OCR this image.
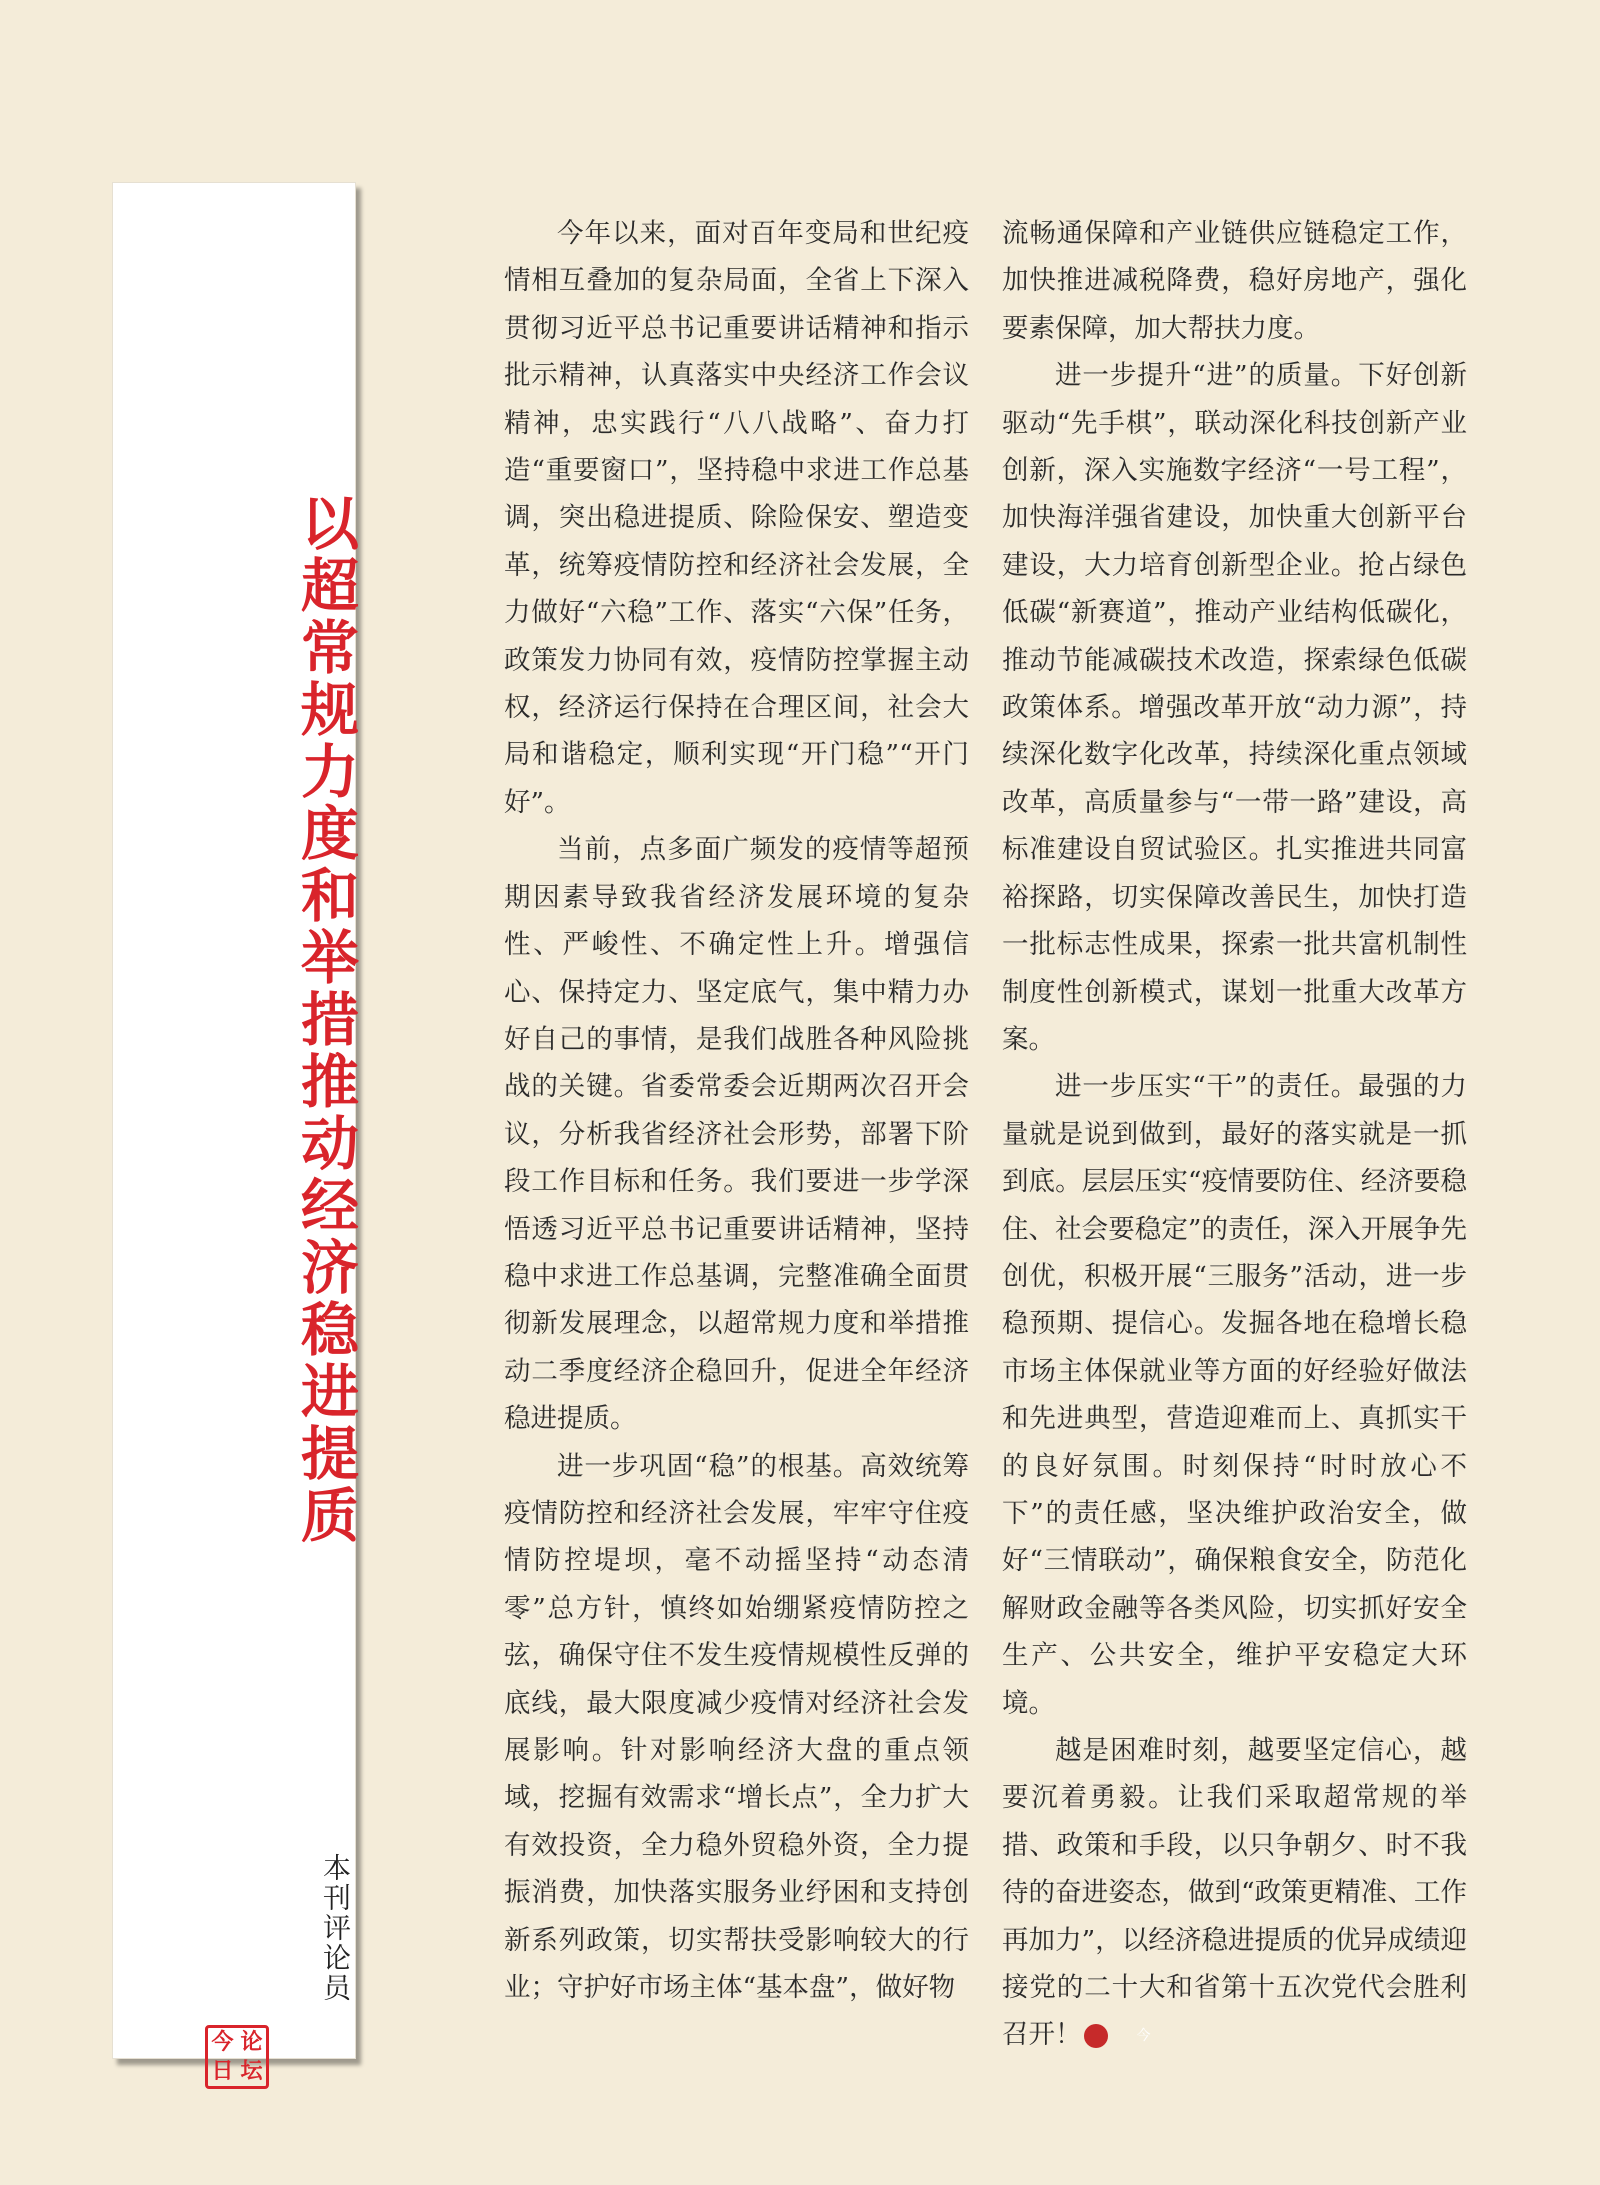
以超常规力度和举措推动经济稳进提质
本刊评论员
今 论
日 坛

今年以来，面对百年变局和世纪疫情相互叠加的复杂局面，全省上下深入贯彻习近平总书记重要讲话精神和指示批示精神，认真落实中央经济工作会议精神，忠实践行“八八战略”、奋力打造“重要窗口”，坚持稳中求进工作总基调，突出稳进提质、除险保安、塑造变革，统筹疫情防控和经济社会发展，全力做好“六稳”工作、落实“六保”任务，政策发力协同有效，疫情防控掌握主动权，经济运行保持在合理区间，社会大局和谐稳定，顺利实现“开门稳”“开门好”。

当前，点多面广频发的疫情等超预期因素导致我省经济发展环境的复杂性、严峻性、不确定性上升。增强信心、保持定力、坚定底气，集中精力办好自己的事情，是我们战胜各种风险挑战的关键。省委常委会近期两次召开会议，分析我省经济社会形势，部署下阶段工作目标和任务。我们要进一步学深悟透习近平总书记重要讲话精神，坚持稳中求进工作总基调，完整准确全面贯彻新发展理念，以超常规力度和举措推动二季度经济企稳回升，促进全年经济稳进提质。

进一步巩固“稳”的根基。高效统筹疫情防控和经济社会发展，牢牢守住疫情防控堤坝，毫不动摇坚持“动态清零”总方针，慎终如始绷紧疫情防控之弦，确保守住不发生疫情规模性反弹的底线，最大限度减少疫情对经济社会发展影响。针对影响经济大盘的重点领域，挖掘有效需求“增长点”，全力扩大有效投资，全力稳外贸稳外资，全力提振消费，加快落实服务业纾困和支持创新系列政策，切实帮扶受影响较大的行业；守护好市场主体“基本盘”，做好物

流畅通保障和产业链供应链稳定工作，加快推进减税降费，稳好房地产，强化要素保障，加大帮扶力度。

进一步提升“进”的质量。下好创新驱动“先手棋”，联动深化科技创新产业创新，深入实施数字经济“一号工程”，加快海洋强省建设，加快重大创新平台建设，大力培育创新型企业。抢占绿色低碳“新赛道”，推动产业结构低碳化，推动节能减碳技术改造，探索绿色低碳政策体系。增强改革开放“动力源”，持续深化数字化改革，持续深化重点领域改革，高质量参与“一带一路”建设，高标准建设自贸试验区。扎实推进共同富裕探路，切实保障改善民生，加快打造一批标志性成果，探索一批共富机制性制度性创新模式，谋划一批重大改革方案。

进一步压实“干”的责任。最强的力量就是说到做到，最好的落实就是一抓到底。层层压实“疫情要防住、经济要稳住、社会要稳定”的责任，深入开展争先创优，积极开展“三服务”活动，进一步稳预期、提信心。发掘各地在稳增长稳市场主体保就业等方面的好经验好做法和先进典型，营造迎难而上、真抓实干的良好氛围。时刻保持“时时放心不下”的责任感，坚决维护政治安全，做好“三情联动”，确保粮食安全，防范化解财政金融等各类风险，切实抓好安全生产、公共安全，维护平安稳定大环境。

越是困难时刻，越要坚定信心，越要沉着勇毅。让我们采取超常规的举措、政策和手段，以只争朝夕、时不我待的奋进姿态，做到“政策更精准、工作再加力”，以经济稳进提质的优异成绩迎接党的二十大和省第十五次党代会胜利召开！	今
